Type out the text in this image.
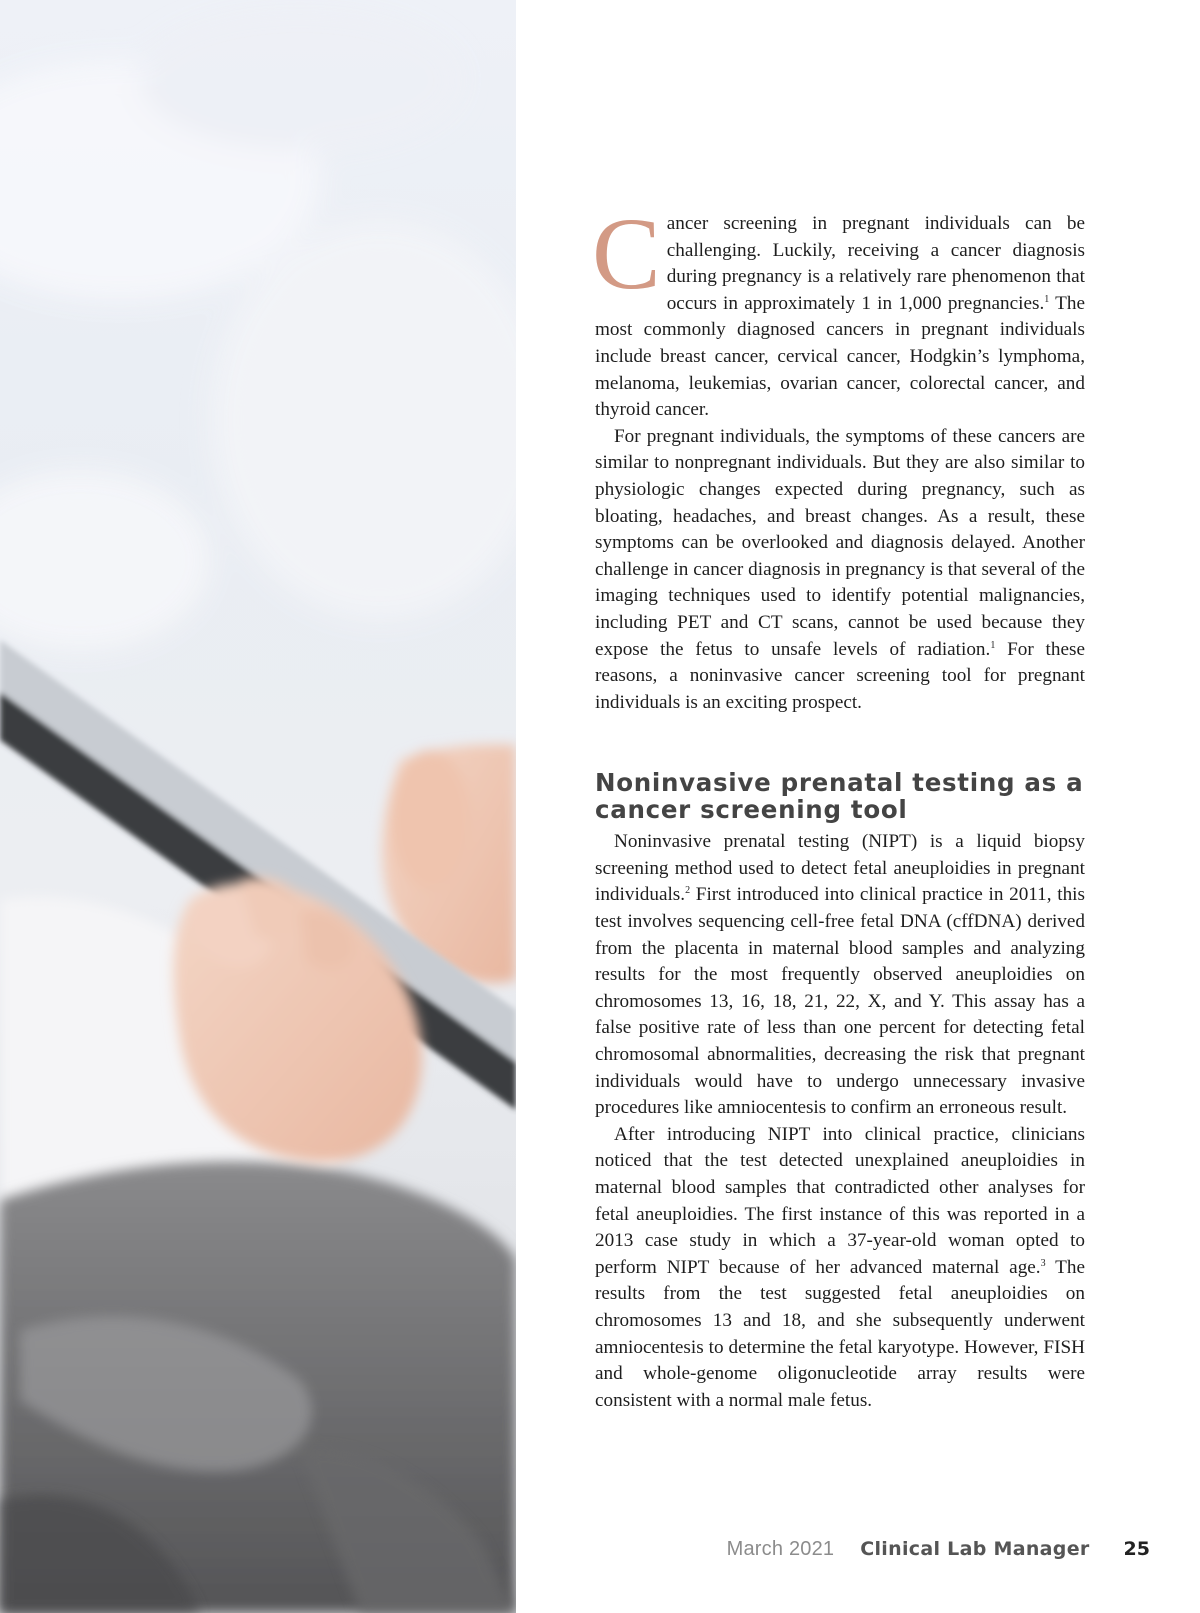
Cancer screening in pregnant individuals can be challenging. Luckily, receiving a cancer diagnosis during pregnancy is a relatively rare phenomenon that occurs in approximately 1 in 1,000 pregnancies.$^1$ The most commonly diagnosed cancers in pregnant individuals include breast cancer, cervical cancer, Hodgkin’s lymphoma, melanoma, leukemias, ovarian cancer, colorectal cancer, and thyroid cancer.

For pregnant individuals, the symptoms of these cancers are similar to nonpregnant individuals. But they are also similar to physiologic changes expected during pregnancy, such as bloating, headaches, and breast changes. As a result, these symptoms can be overlooked and diagnosis delayed. Another challenge in cancer diagnosis in pregnancy is that several of the imaging techniques used to identify potential malignancies, including PET and CT scans, cannot be used because they expose the fetus to unsafe levels of radiation.$^1$ For these reasons, a noninvasive cancer screening tool for pregnant individuals is an exciting prospect.

Noninvasive prenatal testing as a cancer screening tool

Noninvasive prenatal testing (NIPT) is a liquid biopsy screening method used to detect fetal aneuploidies in pregnant individuals.$^2$ First introduced into clinical practice in 2011, this test involves sequencing cell-free fetal DNA (cffDNA) derived from the placenta in maternal blood samples and analyzing results for the most frequently observed aneuploidies on chromosomes 13, 16, 18, 21, 22, X, and Y. This assay has a false positive rate of less than one percent for detecting fetal chromosomal abnormalities, decreasing the risk that pregnant individuals would have to undergo unnecessary invasive procedures like amniocentesis to confirm an erroneous result.

After introducing NIPT into clinical practice, clinicians noticed that the test detected unexplained aneuploidies in maternal blood samples that contradicted other analyses for fetal aneuploidies. The first instance of this was reported in a 2013 case study in which a 37-year-old woman opted to perform NIPT because of her advanced maternal age.$^3$ The results from the test suggested fetal aneuploidies on chromosomes 13 and 18, and she subsequently underwent amniocentesis to determine the fetal karyotype. However, FISH and whole-genome oligonucleotide array results were consistent with a normal male fetus.

March 2021 Clinical Lab Manager 25
